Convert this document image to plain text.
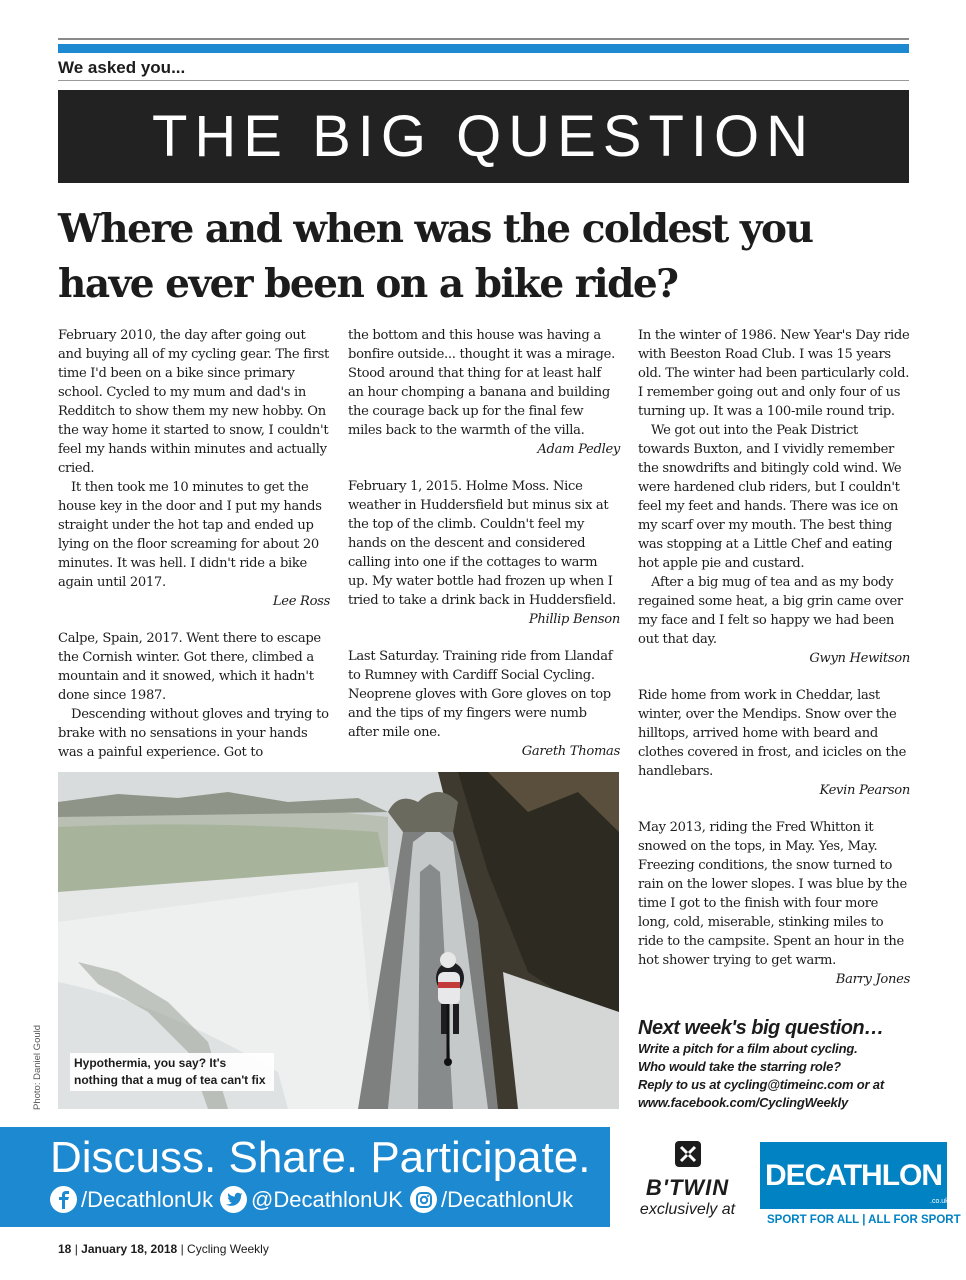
We asked you...
THE BIG QUESTION
Where and when was the coldest you have ever been on a bike ride?

February 2010, the day after going out and buying all of my cycling gear. The first time I'd been on a bike since primary school. Cycled to my mum and dad's in Redditch to show them my new hobby. On the way home it started to snow, I couldn't feel my hands within minutes and actually cried.

It then took me 10 minutes to get the house key in the door and I put my hands straight under the hot tap and ended up lying on the floor screaming for about 20 minutes. It was hell. I didn't ride a bike again until 2017.

Lee Ross

Calpe, Spain, 2017. Went there to escape the Cornish winter. Got there, climbed a mountain and it snowed, which it hadn't done since 1987.

Descending without gloves and trying to brake with no sensations in your hands was a painful experience. Got to

the bottom and this house was having a bonfire outside... thought it was a mirage. Stood around that thing for at least half an hour chomping a banana and building the courage back up for the final few miles back to the warmth of the villa.

Adam Pedley

February 1, 2015. Holme Moss. Nice weather in Huddersfield but minus six at the top of the climb. Couldn't feel my hands on the descent and considered calling into one if the cottages to warm up. My water bottle had frozen up when I tried to take a drink back in Huddersfield.

Phillip Benson

Last Saturday. Training ride from Llandaf to Rumney with Cardiff Social Cycling. Neoprene gloves with Gore gloves on top and the tips of my fingers were numb after mile one.

Gareth Thomas

In the winter of 1986. New Year's Day ride with Beeston Road Club. I was 15 years old. The winter had been particularly cold. I remember going out and only four of us turning up. It was a 100-mile round trip.

We got out into the Peak District towards Buxton, and I vividly remember the snowdrifts and bitingly cold wind. We were hardened club riders, but I couldn't feel my feet and hands. There was ice on my scarf over my mouth. The best thing was stopping at a Little Chef and eating hot apple pie and custard.

After a big mug of tea and as my body regained some heat, a big grin came over my face and I felt so happy we had been out that day.

Gwyn Hewitson

Ride home from work in Cheddar, last winter, over the Mendips. Snow over the hilltops, arrived home with beard and clothes covered in frost, and icicles on the handlebars.

Kevin Pearson

May 2013, riding the Fred Whitton it snowed on the tops, in May. Yes, May. Freezing conditions, the snow turned to rain on the lower slopes. I was blue by the time I got to the finish with four more long, cold, miserable, stinking miles to ride to the campsite. Spent an hour in the hot shower trying to get warm.

Barry Jones

Hypothermia, you say? It's nothing that a mug of tea can't fix
Photo: Daniel Gould	Next week's big question…
Write a pitch for a film about cycling.
Who would take the starring role?
Reply to us at cycling@timeinc.com or at
www.facebook.com/CyclingWeekly
Discuss. Share. Participate.
/DecathlonUk @DecathlonUK /DecathlonUk	B'TWIN
exclusively at
DECATHLON
.co.uk
SPORT FOR ALL | ALL FOR SPORT
18 | January 18, 2018 | Cycling Weekly
